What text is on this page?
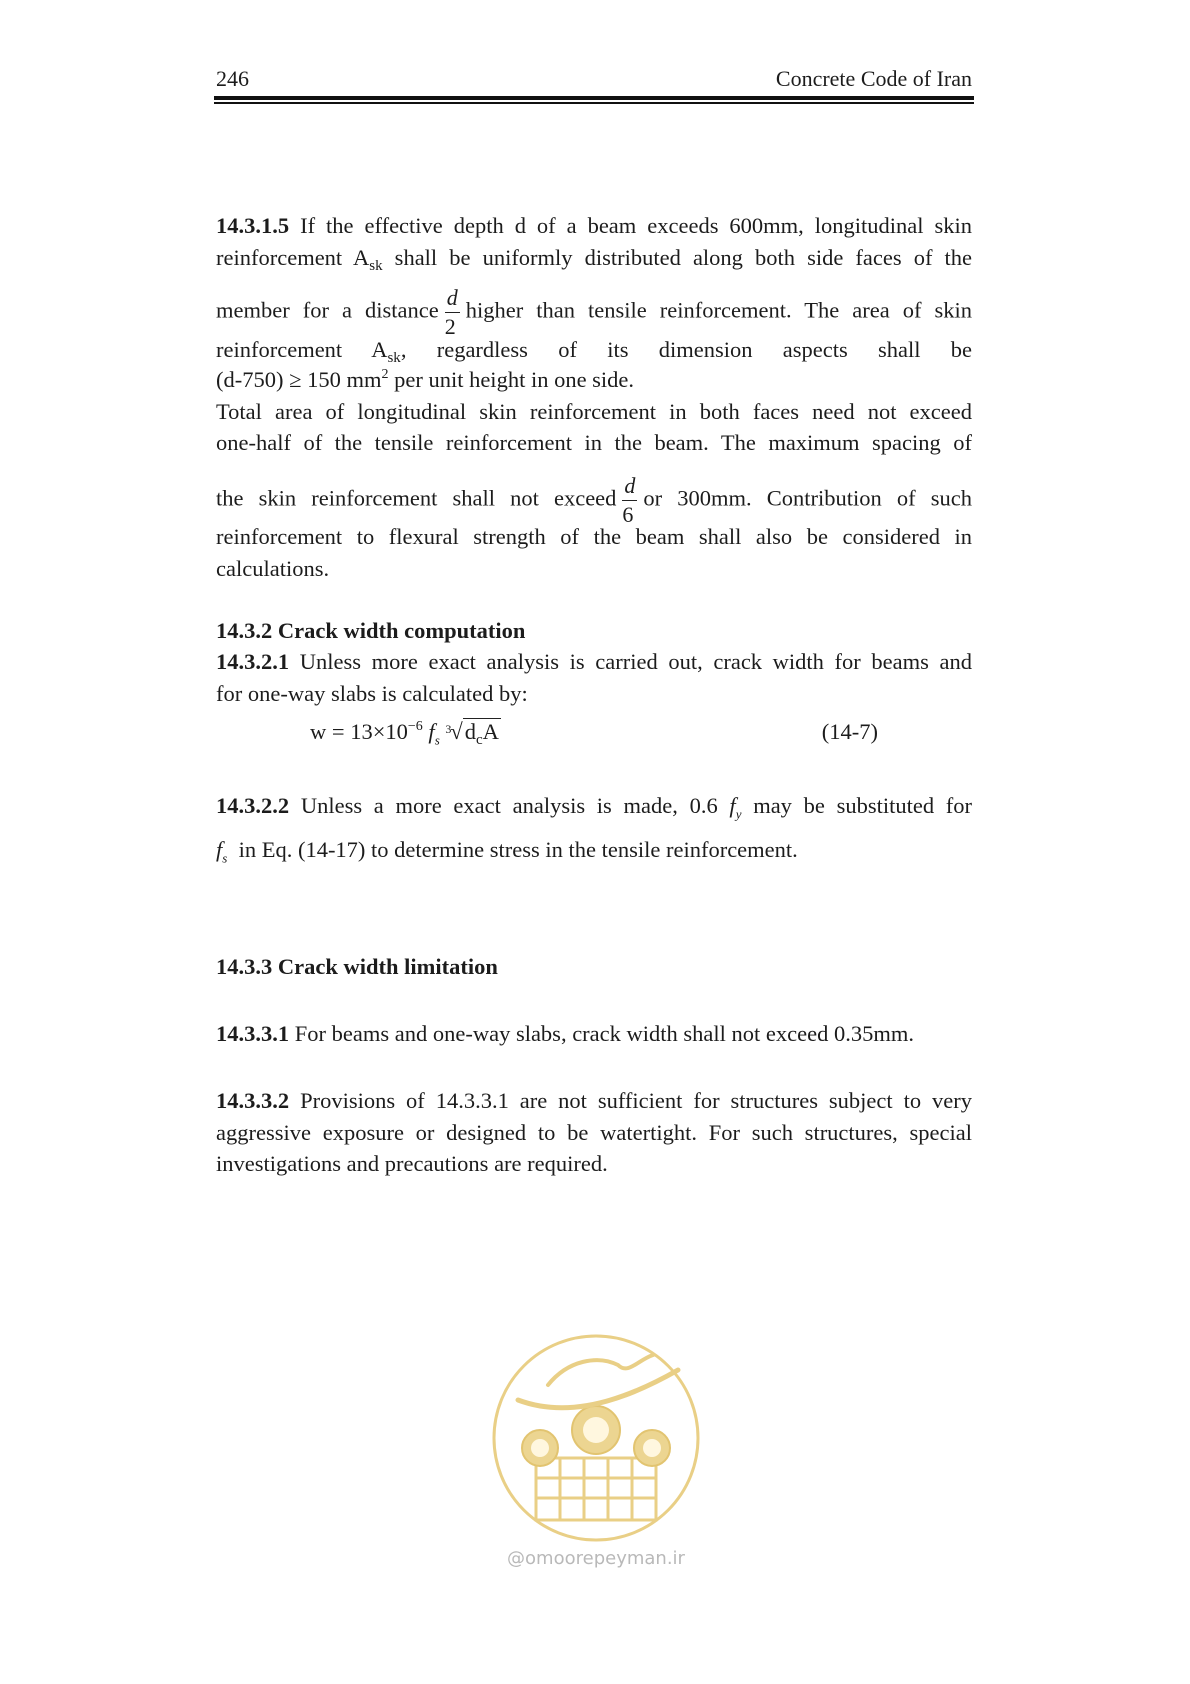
246	Concrete Code of Iran
14.3.1.5 If the effective depth d of a beam exceeds 600mm, longitudinal skin
reinforcement $A_{sk}$ shall be uniformly distributed along both side faces of the
member for a distance $\frac{d}{2}$ higher than tensile reinforcement. The area of skin
reinforcement $A_{sk}$, regardless of its dimension aspects shall be
(d-750) ≥ 150 $mm^2$ per unit height in one side.
Total area of longitudinal skin reinforcement in both faces need not exceed
one-half of the tensile reinforcement in the beam. The maximum spacing of
the skin reinforcement shall not exceed $\frac{d}{6}$ or 300mm. Contribution of such
reinforcement to flexural strength of the beam shall also be considered in
calculations.
14.3.2 Crack width computation
14.3.2.1 Unless more exact analysis is carried out, crack width for beams and
for one-way slabs is calculated by:
$w = 13\times 10^{-6}$ $f_s$
3 $√d_cA$	(14-7)
14.3.2.2 Unless a more exact analysis is made, 0.6 $f_y$ may be substituted for
$f_s$ in Eq. (14-17) to determine stress in the tensile reinforcement.
14.3.3 Crack width limitation
14.3.3.1 For beams and one-way slabs, crack width shall not exceed 0.35mm.
14.3.3.2 Provisions of 14.3.3.1 are not sufficient for structures subject to very
aggressive exposure or designed to be watertight. For such structures, special
investigations and precautions are required.
@omoorepeyman.ir
